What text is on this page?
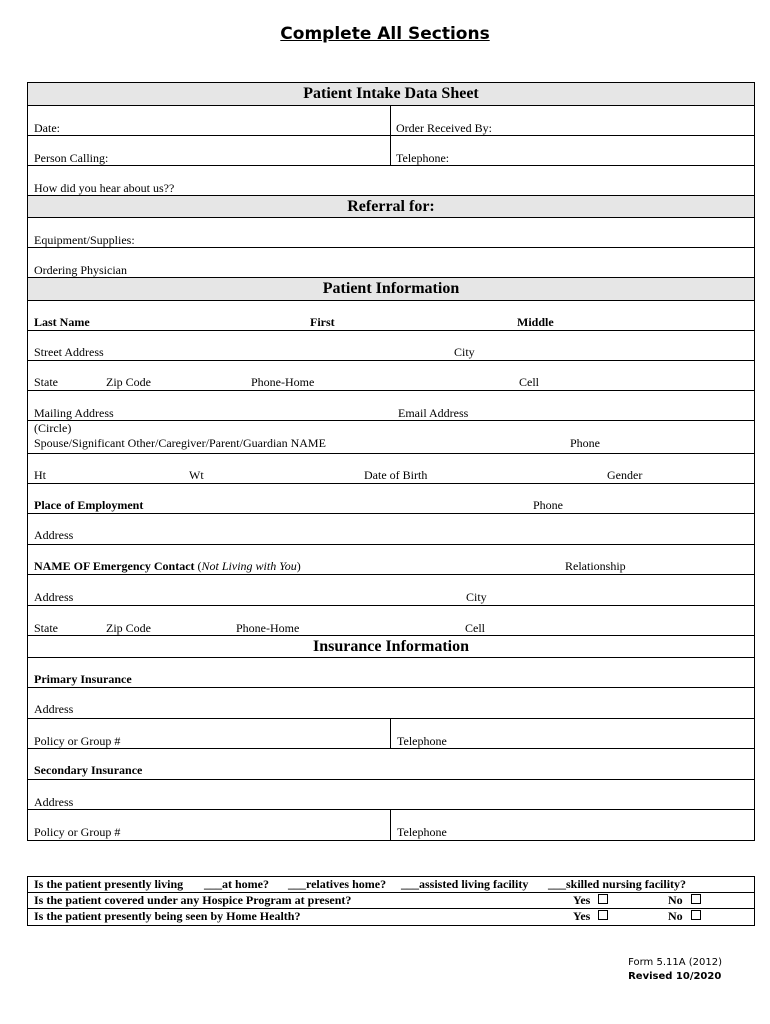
Complete All Sections
Patient Intake Data Sheet
Date:	Order Received By:
Person Calling:	Telephone:
How did you hear about us??
Referral for:
Equipment/Supplies:
Ordering Physician
Patient Information
Last Name	First	Middle
Street Address	City
State	Zip Code	Phone-Home	Cell
Mailing Address	Email Address
(Circle)
Spouse/Significant Other/Caregiver/Parent/Guardian NAME	Phone
Ht	Wt	Date of Birth	Gender
Place of Employment	Phone
Address
NAME OF Emergency Contact (Not Living with You)	Relationship
Address	City
State	Zip Code	Phone-Home	Cell
Insurance Information
Primary Insurance
Address
Policy or Group #	Telephone
Secondary Insurance
Address
Policy or Group #	Telephone
Is the patient presently living ___at home? ___relatives home? ___assisted living facility ___skilled nursing facility?
Is the patient covered under any Hospice Program at present?	Yes	No
Is the patient presently being seen by Home Health?	Yes	No
Form 5.11A (2012)
Revised 10/2020
